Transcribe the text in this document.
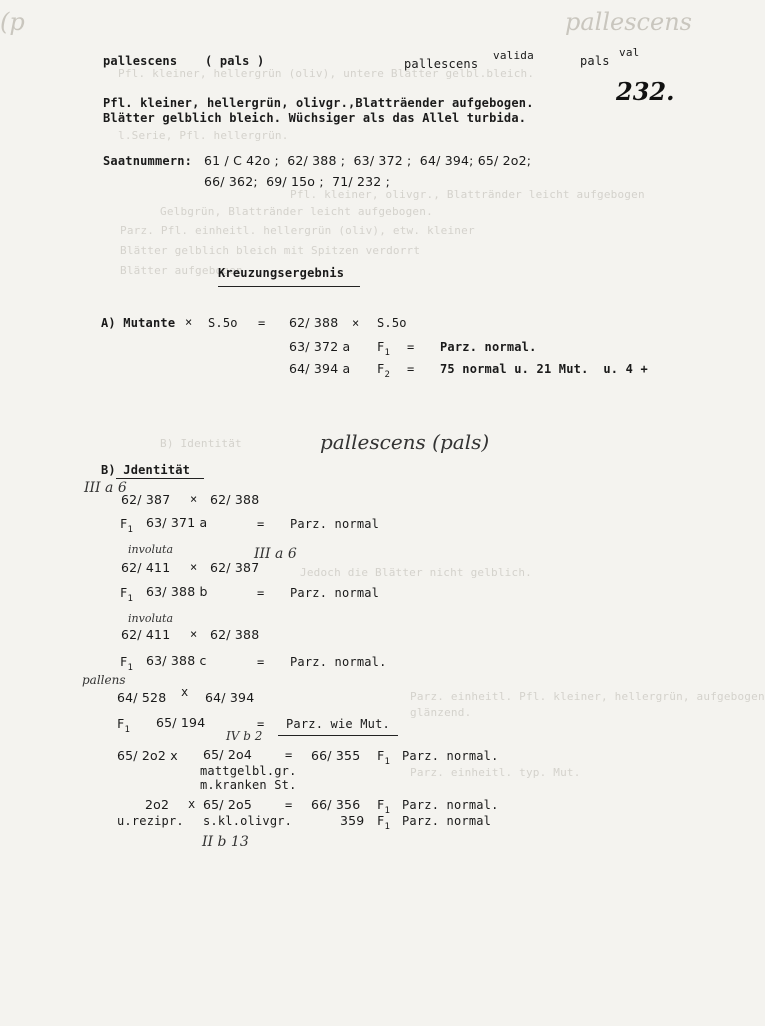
Pfl. kleiner, hellergrün (oliv), untere Blätter gelbl.bleich.
l.Serie, Pfl. hellergrün.
Pfl. kleiner, olivgr., Blattränder leicht aufgebogen
Gelbgrün, Blattränder leicht aufgebogen.
Parz. Pfl. einheitl. hellergrün (oliv), etw. kleiner
Blätter gelblich bleich mit Spitzen verdorrt
Blätter aufgebogen
B) Identität	pallescens (pals)
Jedoch die Blätter nicht gelblich.
Parz. einheitl. Pfl. kleiner, hellergrün, aufgebogen
glänzend.
Parz. einheitl. typ. Mut.
pallescens
(p
pallescens ( pals )	pallescens
valida	pals
val
232.
Pfl. kleiner, hellergrün, olivgr.,Blatträender aufgebogen.
Blätter gelblich bleich. Wüchsiger als das Allel turbida.
Saatnummern: 61 / C 42o ;  62/ 388 ;  63/ 372 ;  64/ 394; 65/ 2o2;
66/ 362;  69/ 15o ;  71/ 232 ;
Kreuzungsergebnis
A) Mutante × S.5o = 62/ 388 × S.5o
63/ 372 a $F_1$ = Parz. normal.
64/ 394 a $F_2 = 75$ normal u. 21 Mut.  u. 4 +
B) Jdentität
III a 6
62/ 387 × 62/ 388
$F_1$ 63/ 371 a	= Parz. normal
involuta	III a 6
62/ 411 × 62/ 387
$F_1$ 63/ 388 b	= Parz. normal
involuta
62/ 411 × 62/ 388
$F_1$ 63/ 388 c	= Parz. normal.
pallens
64/ 528 x 64/ 394
$F_1$ 65/ 194	= Parz. wie Mut.
IV b 2
65/ 2o2 x 65/ 2o4	= 66/ 355 $F_1$ Parz. normal.
mattgelbl.gr.
m.kranken St.
2o2 x 65/ 2o5	= 66/ 356 $F_1$ Parz. normal.
u.rezipr. s.kl.olivgr.	359 $F_1$ Parz. normal
II b 13
